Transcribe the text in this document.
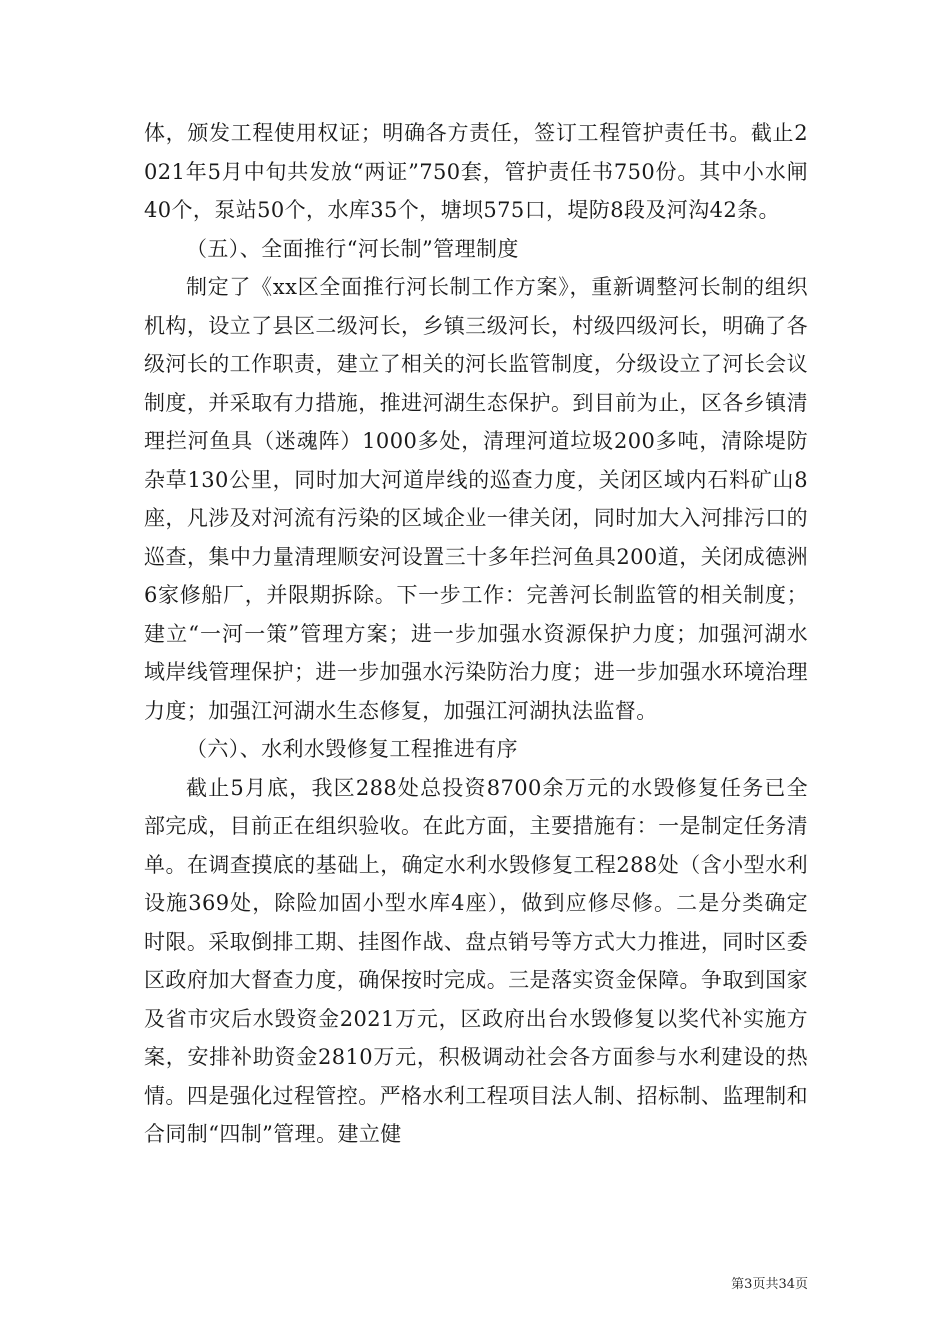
体，颁发工程使用权证；明确各方责任，签订工程管护责任书。截止2021年5月中旬共发放“两证”750套，管护责任书750份。其中小水闸40个，泵站50个，水库35个，塘坝575口，堤防8段及河沟42条。

（五）、全面推行“河长制”管理制度

制定了《xx区全面推行河长制工作方案》，重新调整河长制的组织机构，设立了县区二级河长，乡镇三级河长，村级四级河长，明确了各级河长的工作职责，建立了相关的河长监管制度，分级设立了河长会议制度，并采取有力措施，推进河湖生态保护。到目前为止，区各乡镇清理拦河鱼具（迷魂阵）1000多处，清理河道垃圾200多吨，清除堤防杂草130公里，同时加大河道岸线的巡查力度，关闭区域内石料矿山8座，凡涉及对河流有污染的区域企业一律关闭，同时加大入河排污口的巡查，集中力量清理顺安河设置三十多年拦河鱼具200道，关闭成德洲6家修船厂，并限期拆除。下一步工作：完善河长制监管的相关制度；建立“一河一策”管理方案；进一步加强水资源保护力度；加强河湖水域岸线管理保护；进一步加强水污染防治力度；进一步加强水环境治理力度；加强江河湖水生态修复，加强江河湖执法监督。

（六）、水利水毁修复工程推进有序

截止5月底，我区288处总投资8700余万元的水毁修复任务已全部完成，目前正在组织验收。在此方面，主要措施有：一是制定任务清单。在调查摸底的基础上，确定水利水毁修复工程288处（含小型水利设施369处，除险加固小型水库4座），做到应修尽修。二是分类确定时限。采取倒排工期、挂图作战、盘点销号等方式大力推进，同时区委区政府加大督查力度，确保按时完成。三是落实资金保障。争取到国家及省市灾后水毁资金2021万元，区政府出台水毁修复以奖代补实施方案，安排补助资金2810万元，积极调动社会各方面参与水利建设的热情。四是强化过程管控。严格水利工程项目法人制、招标制、监理制和合同制“四制”管理。建立健

第3页共34页
